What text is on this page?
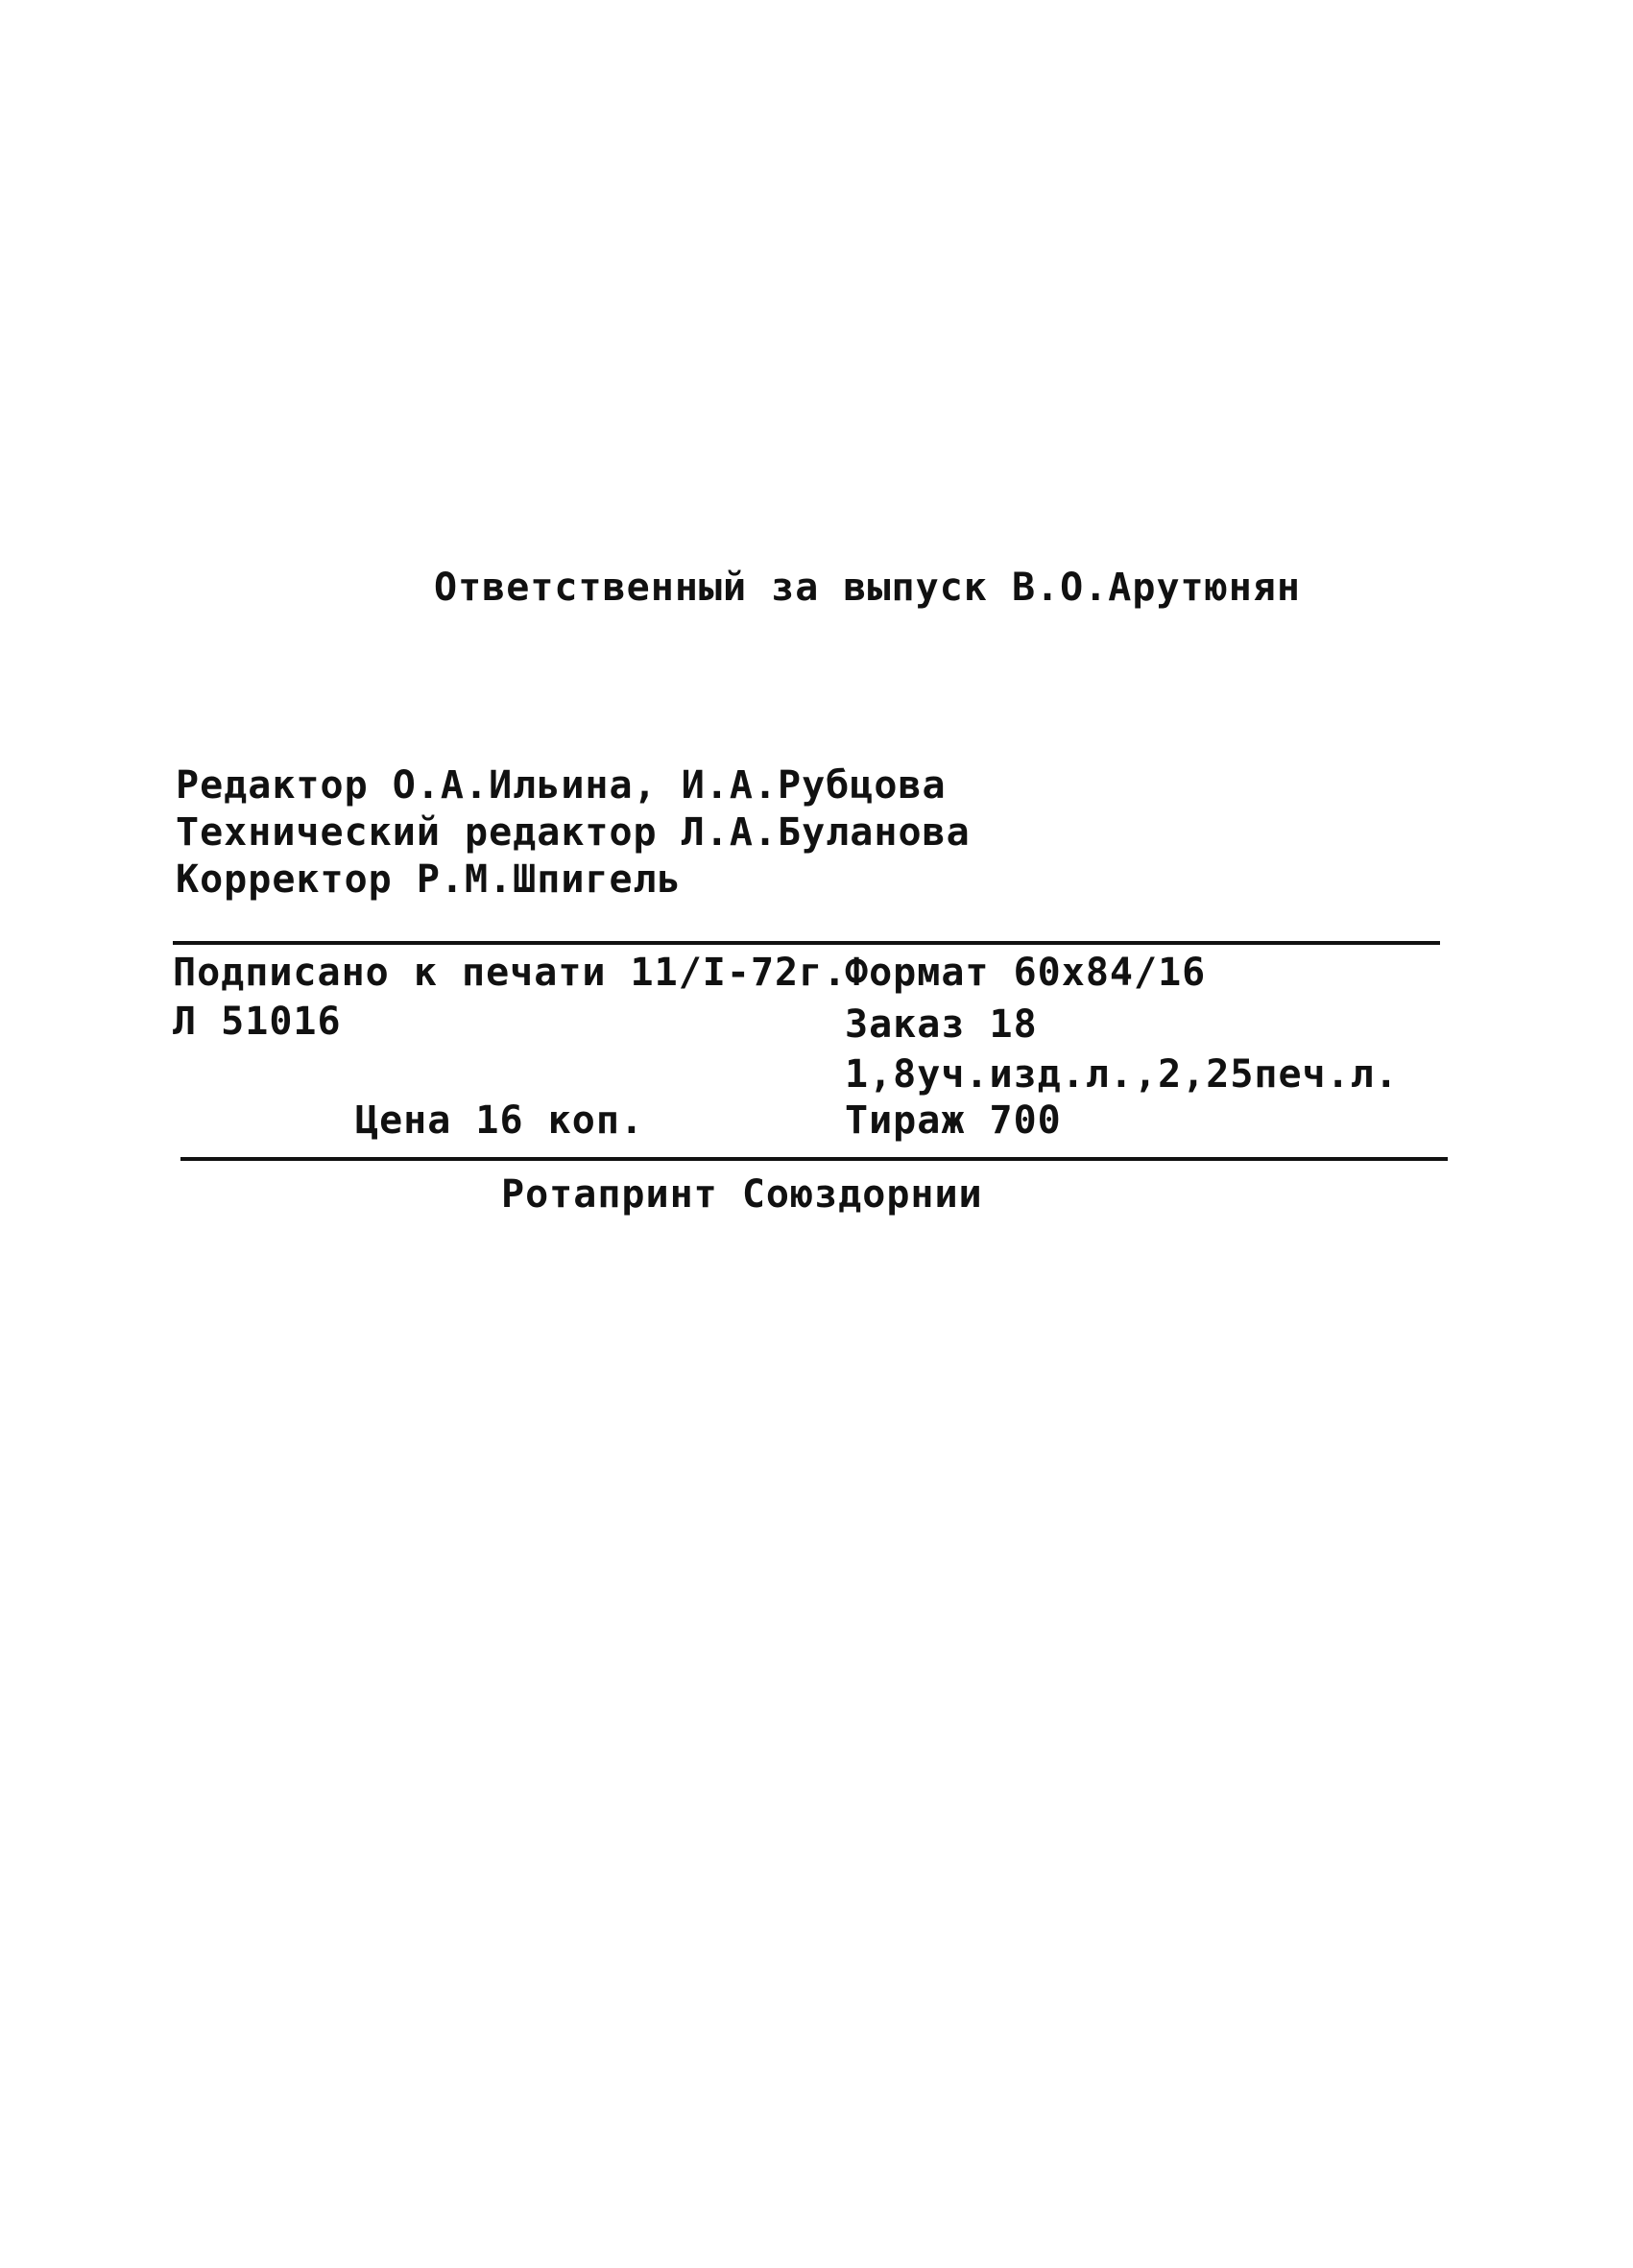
Ответственный за выпуск В.О.Арутюнян
Редактор О.А.Ильина, И.А.Рубцова
Технический редактор Л.А.Буланова
Корректор Р.М.Шпигель
Подписано к печати 11/I-72г.
Формат 60х84/16
Л 51016	Заказ 18
1,8уч.изд.л.,2,25печ.л.
Цена 16 коп.	Тираж 700
Ротапринт Союздорнии
